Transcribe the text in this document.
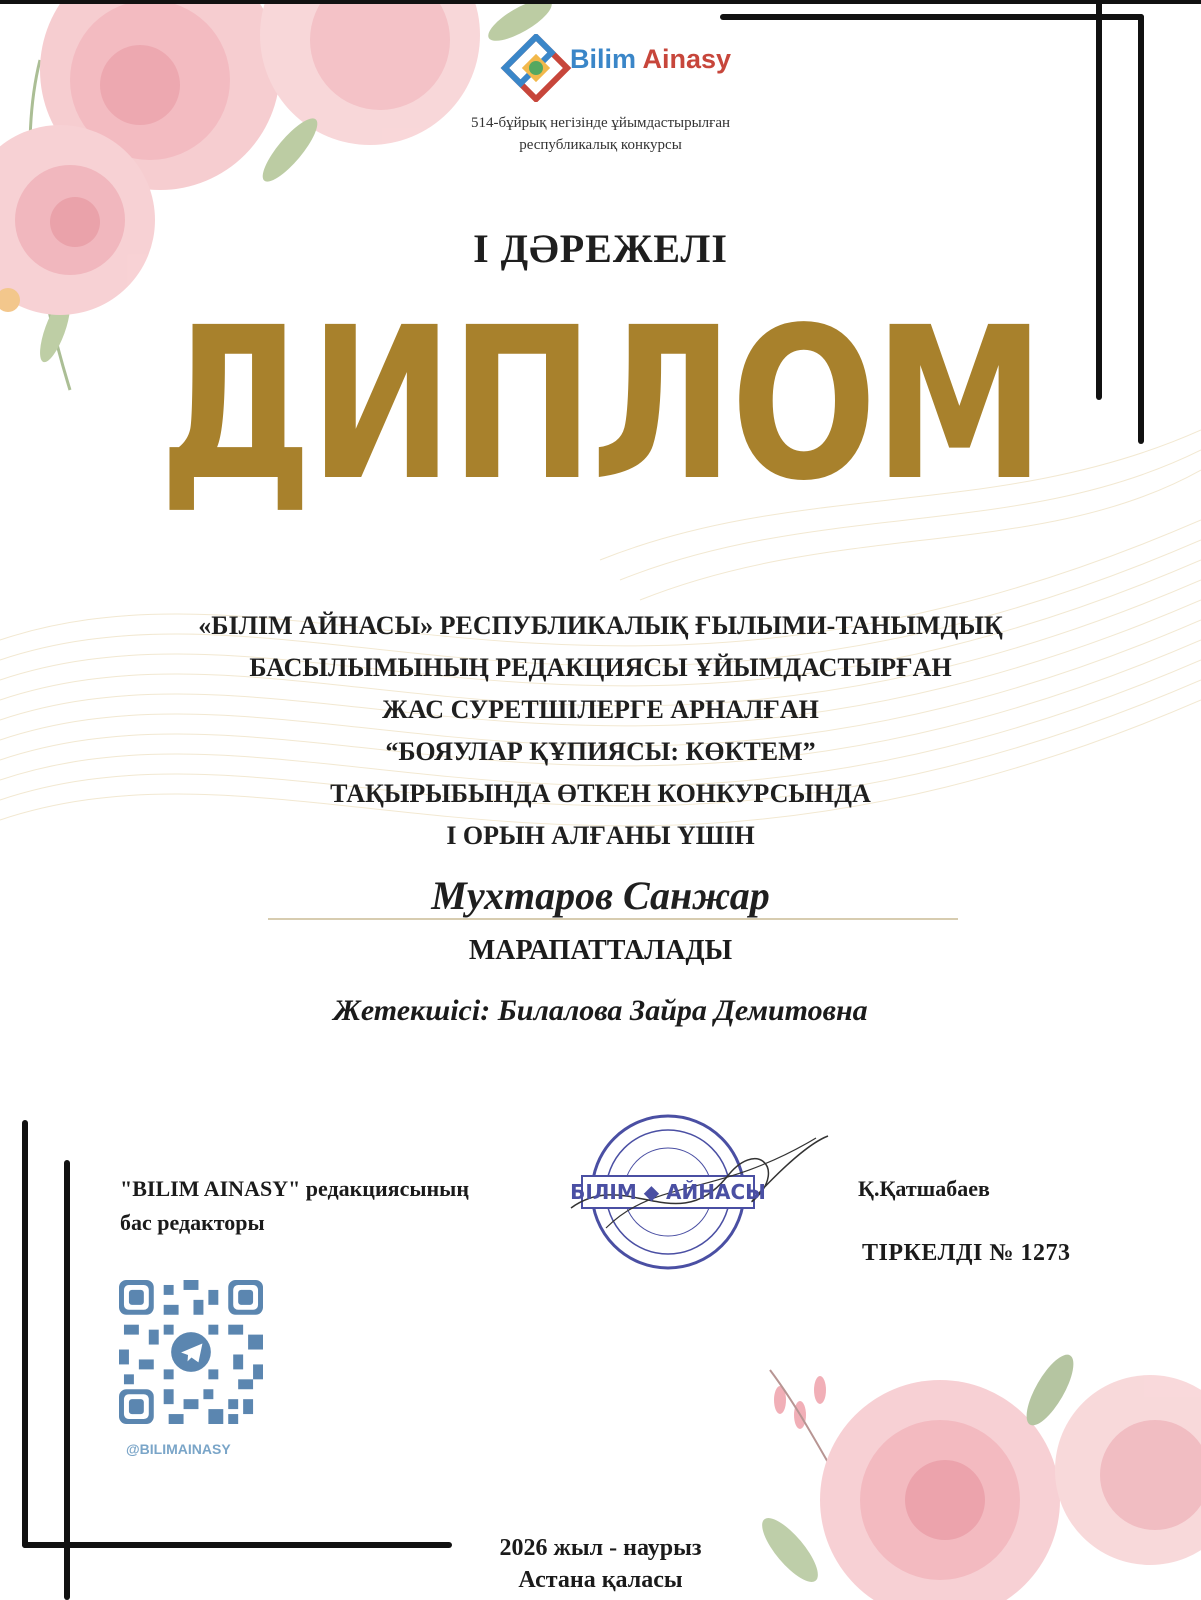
Bilim Ainasy
514-бұйрық негізінде ұйымдастырылған
республикалық конкурсы
І ДӘРЕЖЕЛІ
ДИПЛОМ
«БІЛІМ АЙНАСЫ» РЕСПУБЛИКАЛЫҚ ҒЫЛЫМИ-ТАНЫМДЫҚ
БАСЫЛЫМЫНЫҢ РЕДАКЦИЯСЫ ҰЙЫМДАСТЫРҒАН
ЖАС СУРЕТШІЛЕРГЕ АРНАЛҒАН
“БОЯУЛАР ҚҰПИЯСЫ: КӨКТЕМ”
ТАҚЫРЫБЫНДА ӨТКЕН КОНКУРСЫНДА
І ОРЫН АЛҒАНЫ ҮШІН
Мухтаров Санжар
МАРАПАТТАЛАДЫ
Жетекшісі: Билалова Зайра Демитовна
"BILIM AINASY" редакциясының
бас редакторы
БІЛІМ ◆ АЙНАСЫ	Қ.Қатшабаев
ТІРКЕЛДІ № 1273
@BILIMAINASY
2026 жыл - наурыз
Астана қаласы
